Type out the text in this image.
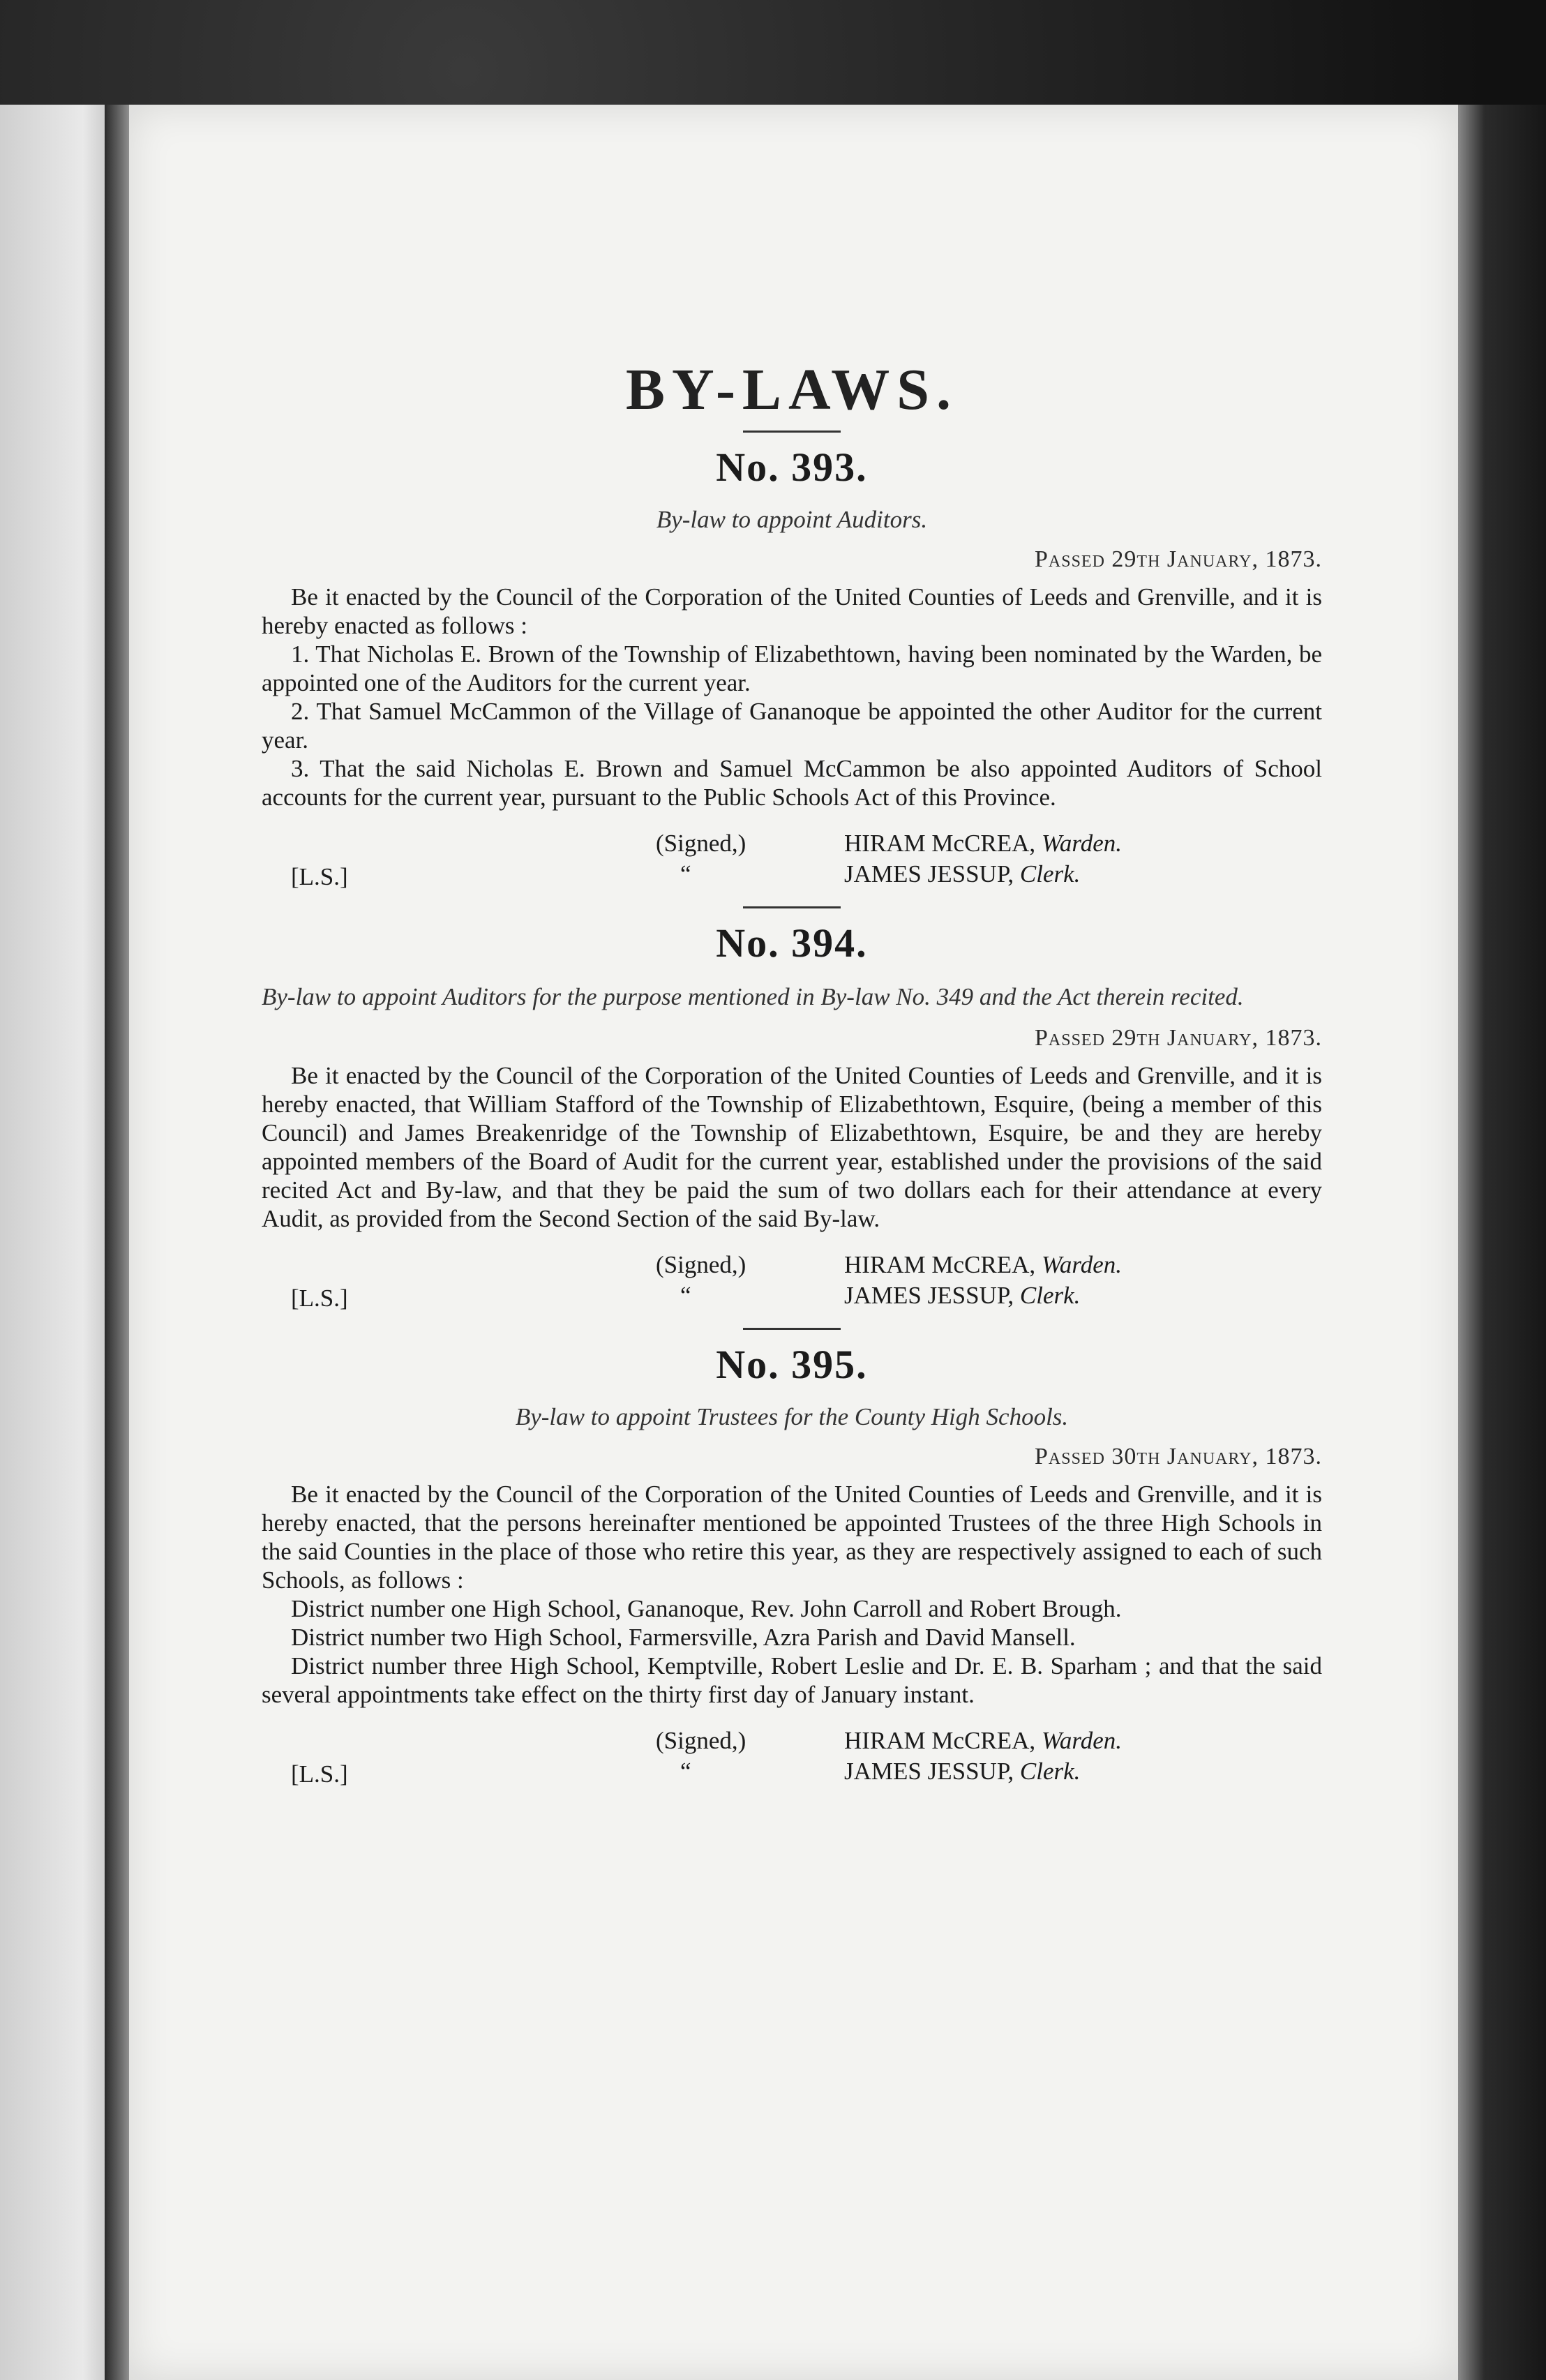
BY-LAWS.
No. 393.
By-law to appoint Auditors.
Passed 29th January, 1873.

Be it enacted by the Council of the Corporation of the United Counties of Leeds and Grenville, and it is hereby enacted as follows :

1. That Nicholas E. Brown of the Township of Elizabethtown, having been nominated by the Warden, be appointed one of the Auditors for the current year.

2. That Samuel McCammon of the Village of Gananoque be appointed the other Auditor for the current year.

3. That the said Nicholas E. Brown and Samuel McCammon be also appointed Auditors of School accounts for the current year, pursuant to the Public Schools Act of this Province.

[L.S.]
(Signed,)
“
HIRAM McCREA, Warden.
JAMES JESSUP, Clerk.
No. 394.
By-law to appoint Auditors for the purpose mentioned in By-law No. 349 and the Act therein recited.
Passed 29th January, 1873.

Be it enacted by the Council of the Corporation of the United Counties of Leeds and Grenville, and it is hereby enacted, that William Stafford of the Township of Elizabethtown, Esquire, (being a member of this Council) and James Breakenridge of the Township of Elizabethtown, Esquire, be and they are hereby appointed members of the Board of Audit for the current year, established under the provisions of the said recited Act and By-law, and that they be paid the sum of two dollars each for their attendance at every Audit, as provided from the Second Section of the said By-law.

[L.S.]
(Signed,)
“
HIRAM McCREA, Warden.
JAMES JESSUP, Clerk.
No. 395.
By-law to appoint Trustees for the County High Schools.
Passed 30th January, 1873.

Be it enacted by the Council of the Corporation of the United Counties of Leeds and Grenville, and it is hereby enacted, that the persons hereinafter mentioned be appointed Trustees of the three High Schools in the said Counties in the place of those who retire this year, as they are respectively assigned to each of such Schools, as follows :

District number one High School, Gananoque, Rev. John Carroll and Robert Brough.

District number two High School, Farmersville, Azra Parish and David Mansell.

District number three High School, Kemptville, Robert Leslie and Dr. E. B. Sparham ; and that the said several appointments take effect on the thirty first day of January instant.

[L.S.]
(Signed,)
“
HIRAM McCREA, Warden.
JAMES JESSUP, Clerk.
